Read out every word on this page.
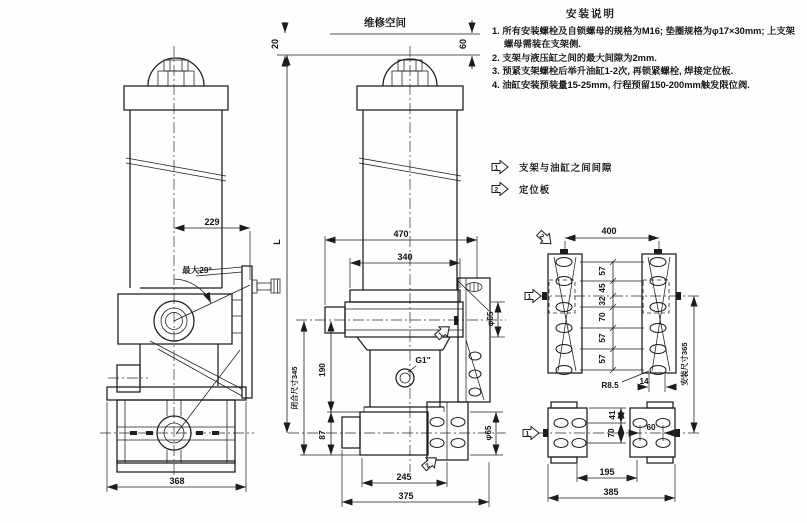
维修空间
20	60
最大29°
229
368
G1"
1
2
φ65
φ65
470
340
L
闭合尺寸345 190
87
245
375
57
45
32
70
57
57
400
安装尺寸365
R8.5	14
2
1
1
41
70
60
195
385

安装说明

1. 所有安装螺栓及自锁螺母的规格为M16; 垫圈规格为φ17×30mm; 上支架螺母需装在支架侧.

2. 支架与液压缸之间的最大间隙为2mm.

3. 预紧支架螺栓后举升油缸1-2次, 再锁紧螺栓, 焊接定位板.

4. 油缸安装预装量15-25mm, 行程预留150-200mm触发限位阀.

1 支架与油缸之间间隙
2 定位板
